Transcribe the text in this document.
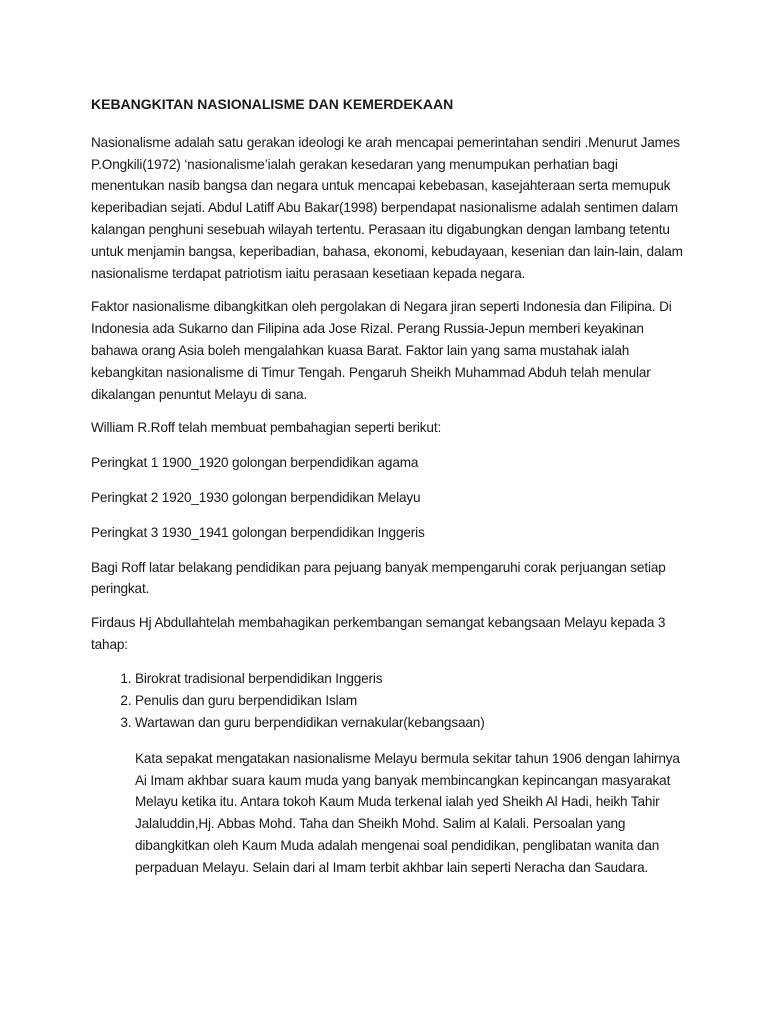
KEBANGKITAN NASIONALISME DAN KEMERDEKAAN

Nasionalisme adalah satu gerakan ideologi ke arah mencapai pemerintahan sendiri .Menurut James P.Ongkili(1972) ‘nasionalisme’ialah gerakan kesedaran yang menumpukan perhatian bagi menentukan nasib bangsa dan negara untuk mencapai kebebasan, kasejahteraan serta memupuk keperibadian sejati. Abdul Latiff Abu Bakar(1998) berpendapat nasionalisme adalah sentimen dalam kalangan penghuni sesebuah wilayah tertentu. Perasaan itu digabungkan dengan lambang tetentu untuk menjamin bangsa, keperibadian, bahasa, ekonomi, kebudayaan, kesenian dan lain-lain, dalam nasionalisme terdapat patriotism iaitu perasaan kesetiaan kepada negara.

Faktor nasionalisme dibangkitkan oleh pergolakan di Negara jiran seperti Indonesia dan Filipina. Di Indonesia ada Sukarno dan Filipina ada Jose Rizal. Perang Russia-Jepun memberi keyakinan bahawa orang Asia boleh mengalahkan kuasa Barat. Faktor lain yang sama mustahak ialah kebangkitan nasionalisme di Timur Tengah. Pengaruh Sheikh Muhammad Abduh telah menular dikalangan penuntut Melayu di sana.

William R.Roff telah membuat pembahagian seperti berikut:

Peringkat 1 1900_1920 golongan berpendidikan agama

Peringkat 2 1920_1930 golongan berpendidikan Melayu

Peringkat 3 1930_1941 golongan berpendidikan Inggeris

Bagi Roff latar belakang pendidikan para pejuang banyak mempengaruhi corak perjuangan setiap peringkat.

Firdaus Hj Abdullahtelah membahagikan perkembangan semangat kebangsaan Melayu kepada 3 tahap:

1. Birokrat tradisional berpendidikan Inggeris
2. Penulis dan guru berpendidikan Islam
3. Wartawan dan guru berpendidikan vernakular(kebangsaan)

Kata sepakat mengatakan nasionalisme Melayu bermula sekitar tahun 1906 dengan lahirnya Ai Imam akhbar suara kaum muda yang banyak membincangkan kepincangan masyarakat Melayu ketika itu. Antara tokoh Kaum Muda terkenal ialah yed Sheikh Al Hadi, heikh Tahir Jalaluddin,Hj. Abbas Mohd. Taha dan Sheikh Mohd. Salim al Kalali. Persoalan yang dibangkitkan oleh Kaum Muda adalah mengenai soal pendidikan, penglibatan wanita dan perpaduan Melayu. Selain dari al Imam terbit akhbar lain seperti Neracha dan Saudara.
